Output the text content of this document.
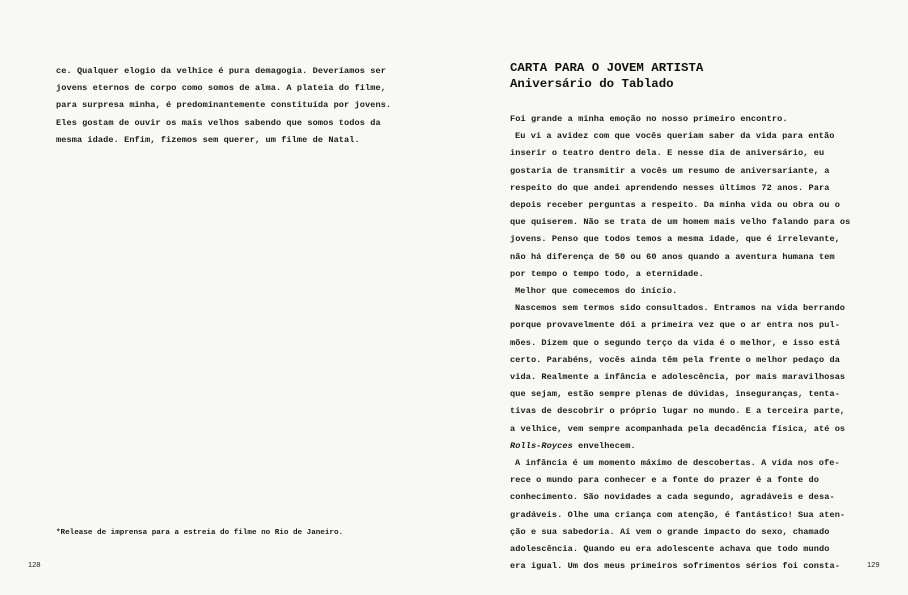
ce. Qualquer elogio da velhice é pura demagogia. Deveríamos ser

jovens eternos de corpo como somos de alma. A plateia do filme,

para surpresa minha, é predominantemente constituída por jovens.

Eles gostam de ouvir os mais velhos sabendo que somos todos da

mesma idade. Enfim, fizemos sem querer, um filme de Natal.

*Release de imprensa para a estreia do filme no Rio de Janeiro.
128
CARTA PARA O JOVEM ARTISTA
Aniversário do Tablado

Foi grande a minha emoção no nosso primeiro encontro.

Eu vi a avidez com que vocês queriam saber da vida para então

inserir o teatro dentro dela. E nesse dia de aniversário, eu

gostaria de transmitir a vocês um resumo de aniversariante, a

respeito do que andei aprendendo nesses últimos 72 anos. Para

depois receber perguntas a respeito. Da minha vida ou obra ou o

que quiserem. Não se trata de um homem mais velho falando para os

jovens. Penso que todos temos a mesma idade, que é irrelevante,

não há diferença de 50 ou 60 anos quando a aventura humana tem

por tempo o tempo todo, a eternidade.

Melhor que comecemos do início.

Nascemos sem termos sido consultados. Entramos na vida berrando

porque provavelmente dói a primeira vez que o ar entra nos pul-

mões. Dizem que o segundo terço da vida é o melhor, e isso está

certo. Parabéns, vocês ainda têm pela frente o melhor pedaço da

vida. Realmente a infância e adolescência, por mais maravilhosas

que sejam, estão sempre plenas de dúvidas, inseguranças, tenta-

tivas de descobrir o próprio lugar no mundo. E a terceira parte,

a velhice, vem sempre acompanhada pela decadência física, até os

Rolls-Royces envelhecem.

A infância é um momento máximo de descobertas. A vida nos ofe-

rece o mundo para conhecer e a fonte do prazer é a fonte do

conhecimento. São novidades a cada segundo, agradáveis e desa-

gradáveis. Olhe uma criança com atenção, é fantástico! Sua aten-

ção e sua sabedoria. Aí vem o grande impacto do sexo, chamado

adolescência. Quando eu era adolescente achava que todo mundo

era igual. Um dos meus primeiros sofrimentos sérios foi consta-	129
